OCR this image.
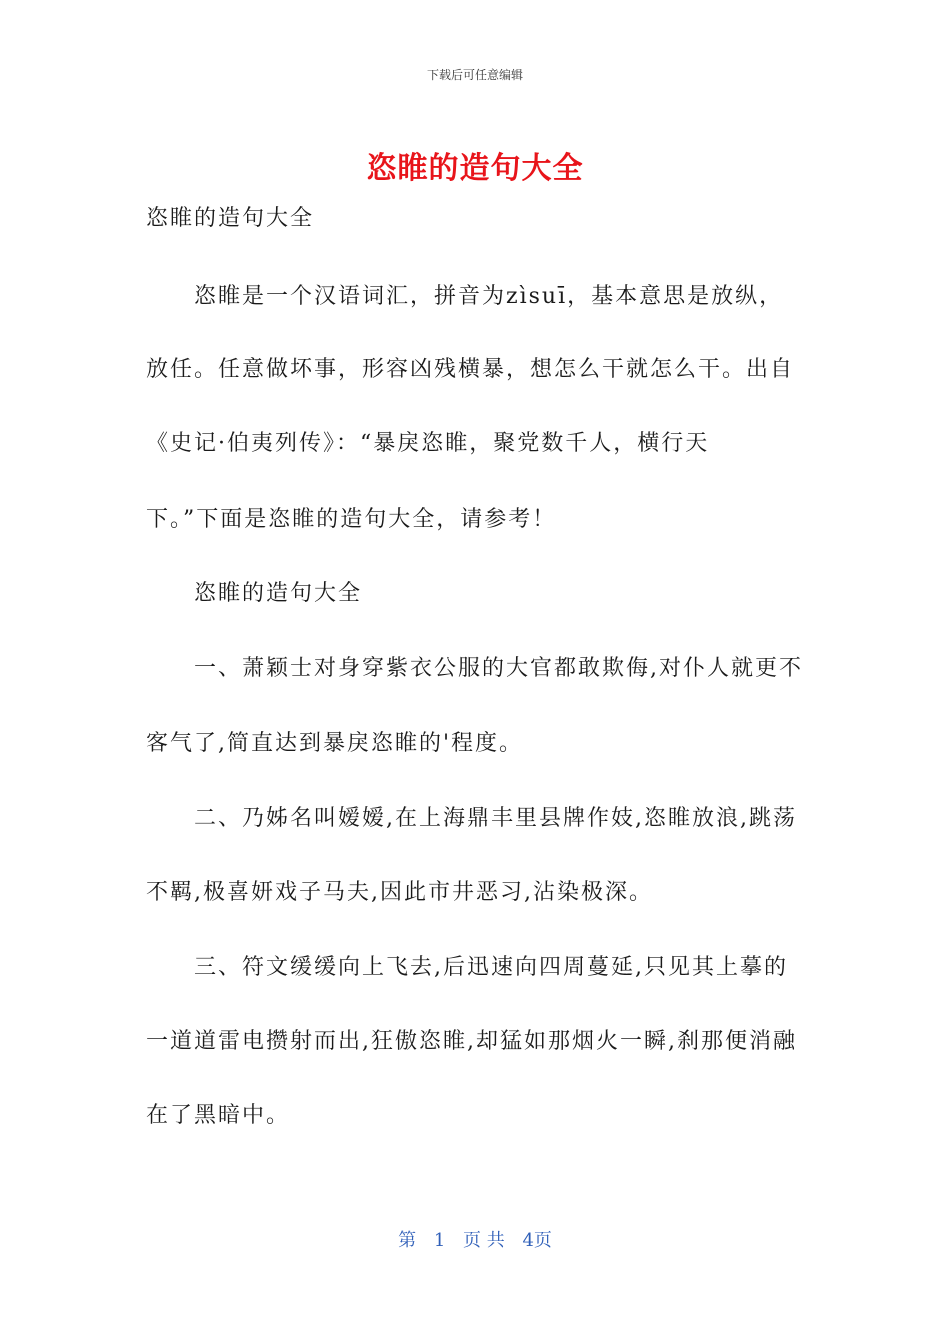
下载后可任意编辑
恣睢的造句大全
恣睢的造句大全
恣睢是一个汉语词汇，拼音为zìsuī，基本意思是放纵，
放任。任意做坏事，形容凶残横暴，想怎么干就怎么干。出自
《史记·伯夷列传》：“暴戾恣睢，聚党数千人，横行天
下。”下面是恣睢的造句大全，请参考！
恣睢的造句大全
一、萧颖士对身穿紫衣公服的大官都敢欺侮,对仆人就更不
客气了,简直达到暴戾恣睢的'程度。
二、乃姊名叫嫒嫒,在上海鼎丰里县牌作妓,恣睢放浪,跳荡
不羁,极喜妍戏子马夫,因此市井恶习,沾染极深。
三、符文缓缓向上飞去,后迅速向四周蔓延,只见其上摹的
一道道雷电攒射而出,狂傲恣睢,却猛如那烟火一瞬,刹那便消融
在了黑暗中。
第 1 页 共 4页
